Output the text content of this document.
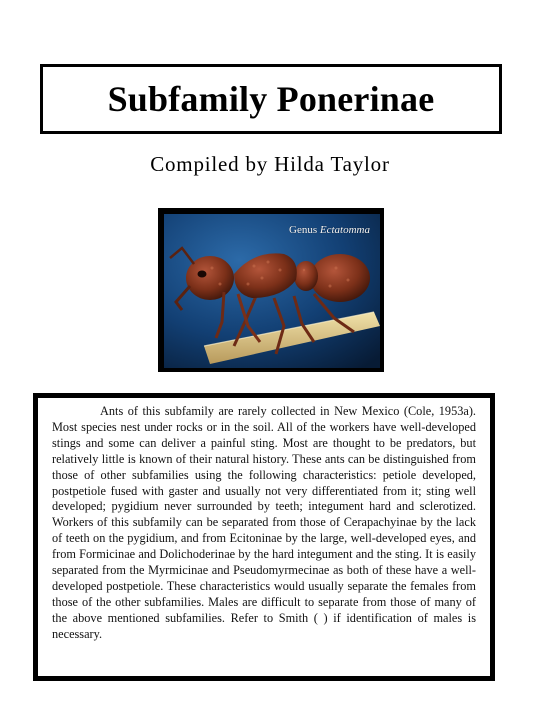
Subfamily Ponerinae
Compiled by Hilda Taylor
Genus Ectatomma

Ants of this subfamily are rarely collected in New Mexico (Cole, 1953a). Most species nest under rocks or in the soil. All of the workers have well-developed stings and some can deliver a painful sting. Most are thought to be predators, but relatively little is known of their natural history. These ants can be distinguished from those of other subfamilies using the following characteristics: petiole developed, postpetiole fused with gaster and usually not very differentiated from it; sting well developed; pygidium never surrounded by teeth; integument hard and sclerotized. Workers of this subfamily can be separated from those of Cerapachyinae by the lack of teeth on the pygidium, and from Ecitoninae by the large, well-developed eyes, and from Formicinae and Dolichoderinae by the hard integument and the sting. It is easily separated from the Myrmicinae and Pseudomyrmecinae as both of these have a well-developed postpetiole. These characteristics would usually separate the females from those of the other subfamilies. Males are difficult to separate from those of many of the above mentioned subfamilies. Refer to Smith ( ) if identification of males is necessary.
